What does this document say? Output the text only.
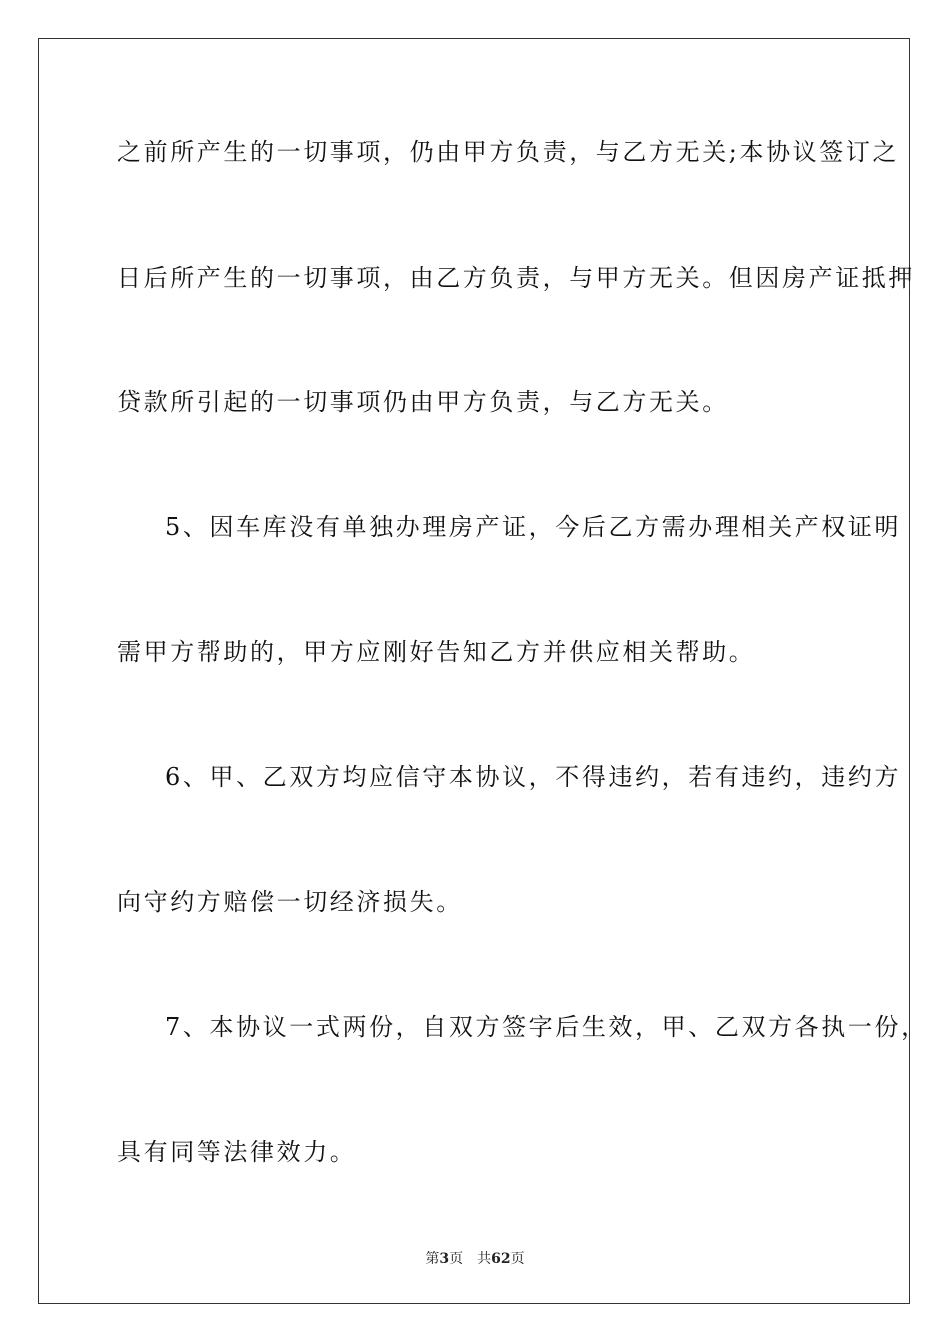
之前所产生的一切事项，仍由甲方负责，与乙方无关;本协议签订之
日后所产生的一切事项，由乙方负责，与甲方无关。但因房产证抵押
贷款所引起的一切事项仍由甲方负责，与乙方无关。
5、因车库没有单独办理房产证，今后乙方需办理相关产权证明
需甲方帮助的，甲方应刚好告知乙方并供应相关帮助。
6、甲、乙双方均应信守本协议，不得违约，若有违约，违约方
向守约方赔偿一切经济损失。
7、本协议一式两份，自双方签字后生效，甲、乙双方各执一份，
具有同等法律效力。
第3页 共62页
